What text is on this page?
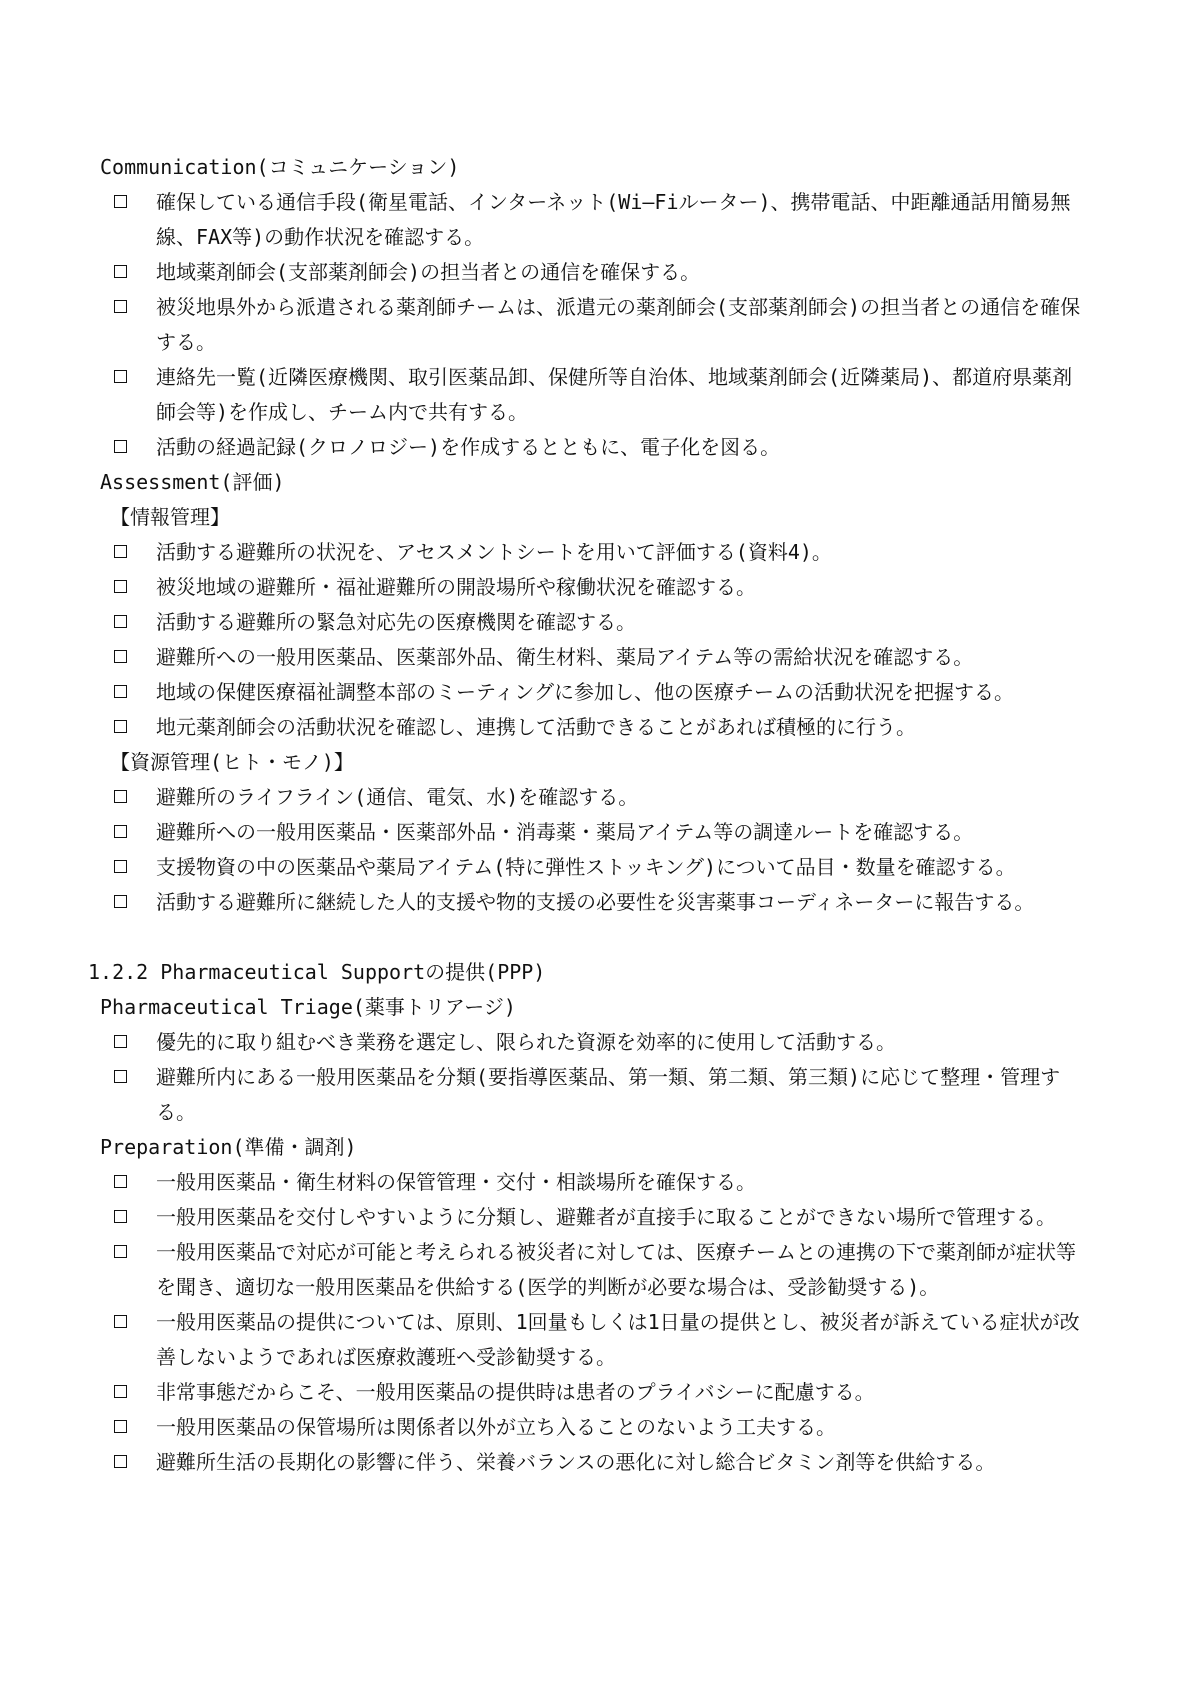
Communication(コミュニケーション)
確保している通信手段(衛星電話、インターネット(Wi—Fiルーター)、携帯電話、中距離通話用簡易無線、FAX等)の動作状況を確認する。
地域薬剤師会(支部薬剤師会)の担当者との通信を確保する。
被災地県外から派遣される薬剤師チームは、派遣元の薬剤師会(支部薬剤師会)の担当者との通信を確保する。
連絡先一覧(近隣医療機関、取引医薬品卸、保健所等自治体、地域薬剤師会(近隣薬局)、都道府県薬剤師会等)を作成し、チーム内で共有する。
活動の経過記録(クロノロジー)を作成するとともに、電子化を図る。
Assessment(評価)
【情報管理】
活動する避難所の状況を、アセスメントシートを用いて評価する(資料4)。
被災地域の避難所・福祉避難所の開設場所や稼働状況を確認する。
活動する避難所の緊急対応先の医療機関を確認する。
避難所への一般用医薬品、医薬部外品、衛生材料、薬局アイテム等の需給状況を確認する。
地域の保健医療福祉調整本部のミーティングに参加し、他の医療チームの活動状況を把握する。
地元薬剤師会の活動状況を確認し、連携して活動できることがあれば積極的に行う。
【資源管理(ヒト・モノ)】
避難所のライフライン(通信、電気、水)を確認する。
避難所への一般用医薬品・医薬部外品・消毒薬・薬局アイテム等の調達ルートを確認する。
支援物資の中の医薬品や薬局アイテム(特に弾性ストッキング)について品目・数量を確認する。
活動する避難所に継続した人的支援や物的支援の必要性を災害薬事コーディネーターに報告する。
1.2.2 Pharmaceutical Supportの提供(PPP)
Pharmaceutical Triage(薬事トリアージ)
優先的に取り組むべき業務を選定し、限られた資源を効率的に使用して活動する。
避難所内にある一般用医薬品を分類(要指導医薬品、第一類、第二類、第三類)に応じて整理・管理する。
Preparation(準備・調剤)
一般用医薬品・衛生材料の保管管理・交付・相談場所を確保する。
一般用医薬品を交付しやすいように分類し、避難者が直接手に取ることができない場所で管理する。
一般用医薬品で対応が可能と考えられる被災者に対しては、医療チームとの連携の下で薬剤師が症状等を聞き、適切な一般用医薬品を供給する(医学的判断が必要な場合は、受診勧奨する)。
一般用医薬品の提供については、原則、1回量もしくは1日量の提供とし、被災者が訴えている症状が改善しないようであれば医療救護班へ受診勧奨する。
非常事態だからこそ、一般用医薬品の提供時は患者のプライバシーに配慮する。
一般用医薬品の保管場所は関係者以外が立ち入ることのないよう工夫する。
避難所生活の長期化の影響に伴う、栄養バランスの悪化に対し総合ビタミン剤等を供給する。
